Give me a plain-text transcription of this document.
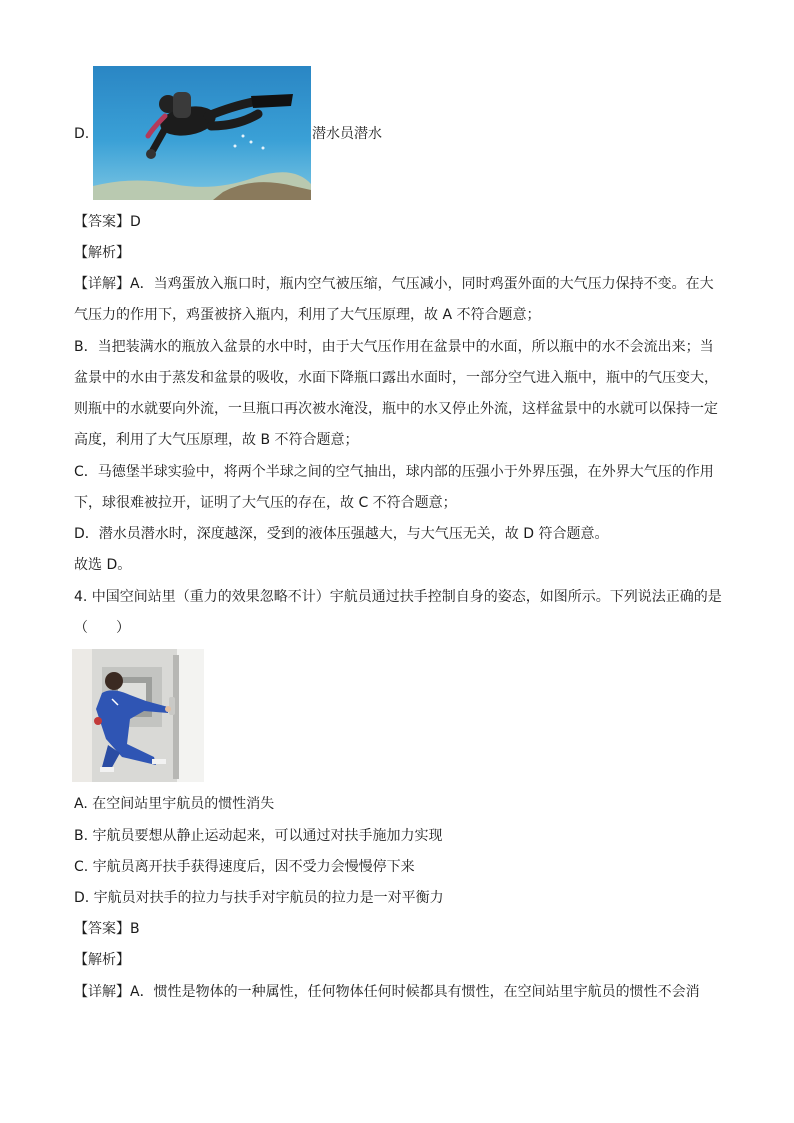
D.	潜水员潜水
【答案】D
【解析】
【详解】A．当鸡蛋放入瓶口时，瓶内空气被压缩，气压减小，同时鸡蛋外面的大气压力保持不变。在大
气压力的作用下，鸡蛋被挤入瓶内，利用了大气压原理，故 A 不符合题意；
B．当把装满水的瓶放入盆景的水中时，由于大气压作用在盆景中的水面，所以瓶中的水不会流出来；当
盆景中的水由于蒸发和盆景的吸收，水面下降瓶口露出水面时，一部分空气进入瓶中，瓶中的气压变大，
则瓶中的水就要向外流，一旦瓶口再次被水淹没，瓶中的水又停止外流，这样盆景中的水就可以保持一定
高度，利用了大气压原理，故 B 不符合题意；
C．马德堡半球实验中，将两个半球之间的空气抽出，球内部的压强小于外界压强，在外界大气压的作用
下，球很难被拉开，证明了大气压的存在，故 C 不符合题意；
D．潜水员潜水时，深度越深，受到的液体压强越大，与大气压无关，故 D 符合题意。
故选 D。
4. 中国空间站里（重力的效果忽略不计）宇航员通过扶手控制自身的姿态，如图所示。下列说法正确的是
（　　）
A. 在空间站里宇航员的惯性消失
B. 宇航员要想从静止运动起来，可以通过对扶手施加力实现
C. 宇航员离开扶手获得速度后，因不受力会慢慢停下来
D. 宇航员对扶手的拉力与扶手对宇航员的拉力是一对平衡力
【答案】B
【解析】
【详解】A．惯性是物体的一种属性，任何物体任何时候都具有惯性，在空间站里宇航员的惯性不会消
